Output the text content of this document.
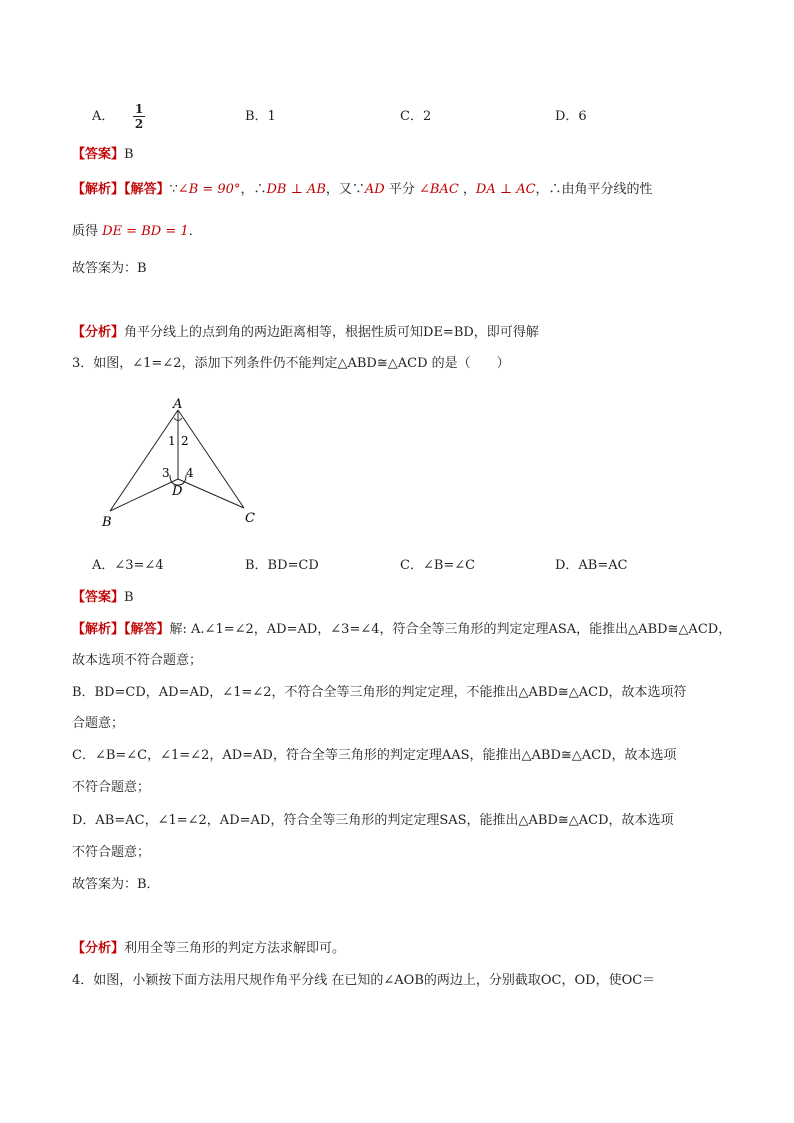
A． 1
2	B．1	C．2	D．6
【答案】B
【解析】【解答】∵∠B = 90°，∴DB ⊥ AB，又∵AD 平分 ∠BAC ，DA ⊥ AC，∴由角平分线的性
质得 DE = BD = 1.
故答案为：B
【分析】角平分线上的点到角的两边距离相等，根据性质可知DE=BD，即可得解
3．如图，∠1=∠2，添加下列条件仍不能判定△ABD≅△ACD 的是（　　）
A
B	C
D
1 2
3 4
A．∠3=∠4	B．BD=CD	C．∠B=∠C	D．AB=AC
【答案】B
【解析】【解答】解: A.∠1=∠2，AD=AD，∠3=∠4，符合全等三角形的判定定理ASA，能推出△ABD≅△ACD，
故本选项不符合题意；
B．BD=CD，AD=AD，∠1=∠2，不符合全等三角形的判定定理，不能推出△ABD≅△ACD，故本选项符
合题意；
C．∠B=∠C，∠1=∠2，AD=AD，符合全等三角形的判定定理AAS，能推出△ABD≅△ACD，故本选项
不符合题意；
D．AB=AC，∠1=∠2，AD=AD，符合全等三角形的判定定理SAS，能推出△ABD≅△ACD，故本选项
不符合题意；
故答案为：B．
【分析】利用全等三角形的判定方法求解即可。
4．如图，小颖按下面方法用尺规作角平分线 在已知的∠AOB的两边上，分别截取OC，OD，使OC＝
